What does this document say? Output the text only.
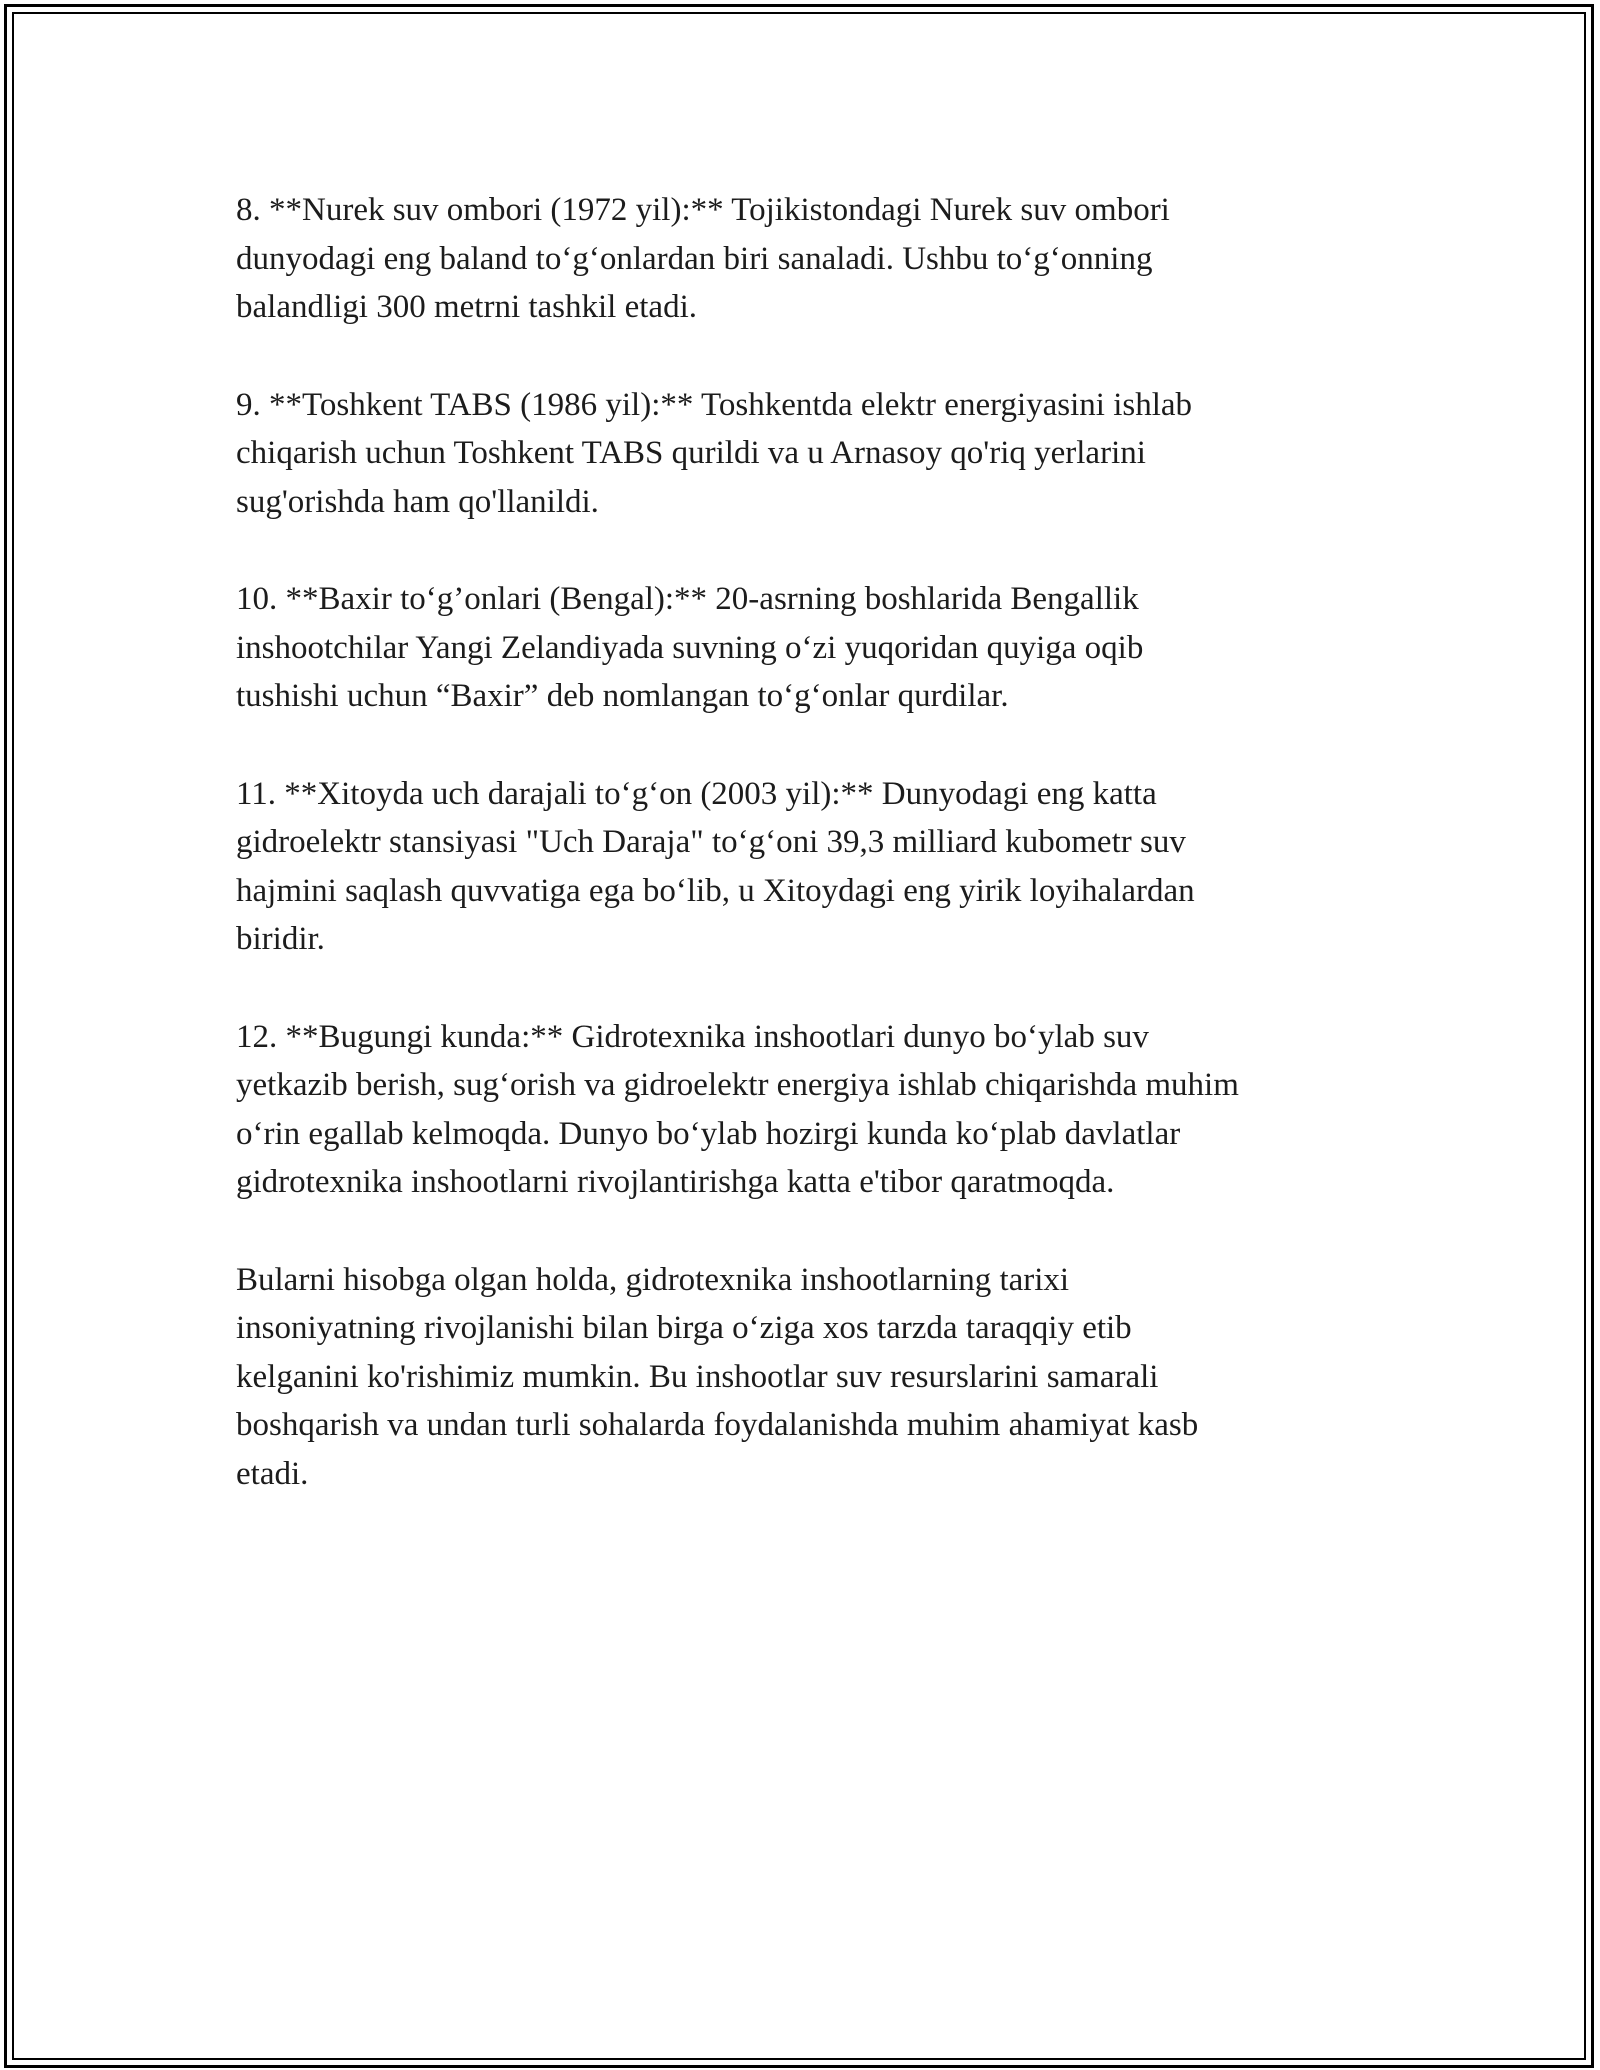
8. **Nurek suv ombori (1972 yil):** Tojikistondagi Nurek suv ombori
dunyodagi eng baland to‘g‘onlardan biri sanaladi. Ushbu to‘g‘onning
balandligi 300 metrni tashkil etadi.

9. **Toshkent TABS (1986 yil):** Toshkentda elektr energiyasini ishlab
chiqarish uchun Toshkent TABS qurildi va u Arnasoy qo'riq yerlarini
sug'orishda ham qo'llanildi.

10. **Baxir to‘g’onlari (Bengal):** 20-asrning boshlarida Bengallik
inshootchilar Yangi Zelandiyada suvning o‘zi yuqoridan quyiga oqib
tushishi uchun “Baxir” deb nomlangan to‘g‘onlar qurdilar.

11. **Xitoyda uch darajali to‘g‘on (2003 yil):** Dunyodagi eng katta
gidroelektr stansiyasi "Uch Daraja" to‘g‘oni 39,3 milliard kubometr suv
hajmini saqlash quvvatiga ega bo‘lib, u Xitoydagi eng yirik loyihalardan
biridir.

12. **Bugungi kunda:** Gidrotexnika inshootlari dunyo bo‘ylab suv
yetkazib berish, sug‘orish va gidroelektr energiya ishlab chiqarishda muhim
o‘rin egallab kelmoqda. Dunyo bo‘ylab hozirgi kunda ko‘plab davlatlar
gidrotexnika inshootlarni rivojlantirishga katta e'tibor qaratmoqda.

Bularni hisobga olgan holda, gidrotexnika inshootlarning tarixi
insoniyatning rivojlanishi bilan birga o‘ziga xos tarzda taraqqiy etib
kelganini ko'rishimiz mumkin. Bu inshootlar suv resurslarini samarali
boshqarish va undan turli sohalarda foydalanishda muhim ahamiyat kasb
etadi.
